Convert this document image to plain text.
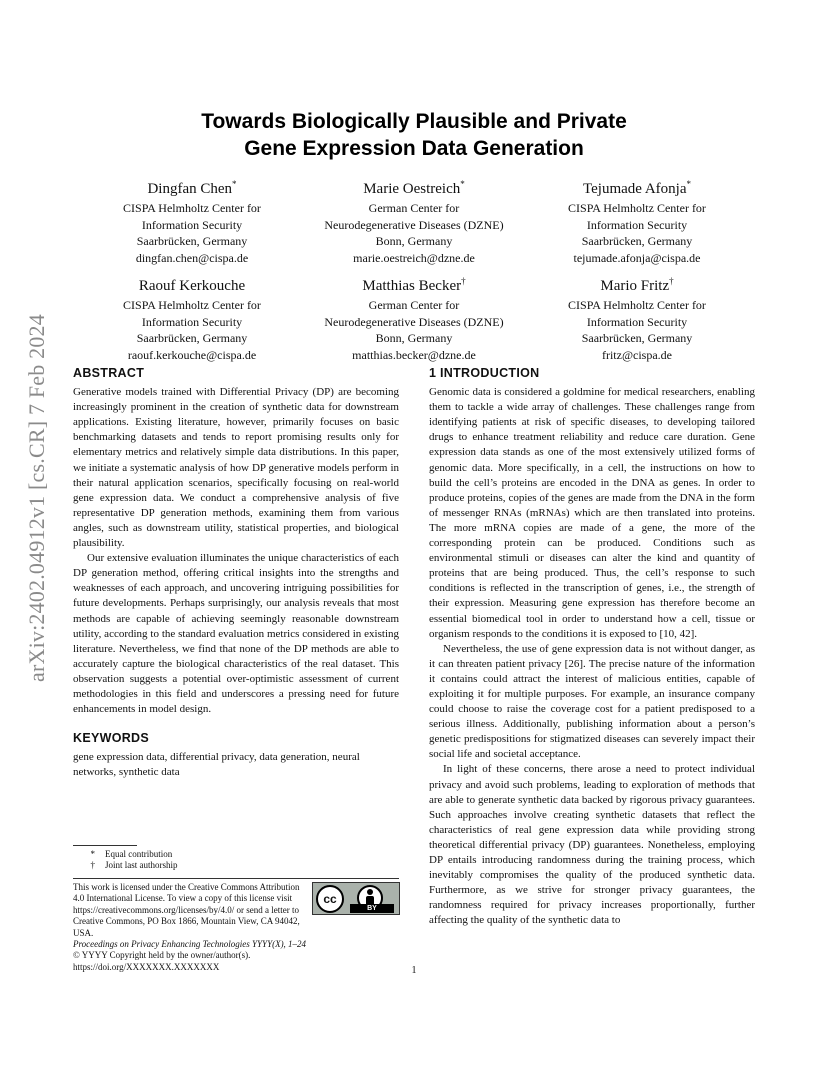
arXiv:2402.04912v1 [cs.CR] 7 Feb 2024
Towards Biologically Plausible and Private
Gene Expression Data Generation
Dingfan Chen*
CISPA Helmholtz Center for
Information Security
Saarbrücken, Germany
dingfan.chen@cispa.de
Marie Oestreich*
German Center for
Neurodegenerative Diseases (DZNE)
Bonn, Germany
marie.oestreich@dzne.de
Tejumade Afonja*
CISPA Helmholtz Center for
Information Security
Saarbrücken, Germany
tejumade.afonja@cispa.de
Raouf Kerkouche
CISPA Helmholtz Center for
Information Security
Saarbrücken, Germany
raouf.kerkouche@cispa.de
Matthias Becker†
German Center for
Neurodegenerative Diseases (DZNE)
Bonn, Germany
matthias.becker@dzne.de
Mario Fritz†
CISPA Helmholtz Center for
Information Security
Saarbrücken, Germany
fritz@cispa.de
ABSTRACT

Generative models trained with Differential Privacy (DP) are becoming increasingly prominent in the creation of synthetic data for downstream applications. Existing literature, however, primarily focuses on basic benchmarking datasets and tends to report promising results only for elementary metrics and relatively simple data distributions. In this paper, we initiate a systematic analysis of how DP generative models perform in their natural application scenarios, specifically focusing on real-world gene expression data. We conduct a comprehensive analysis of five representative DP generation methods, examining them from various angles, such as downstream utility, statistical properties, and biological plausibility.

Our extensive evaluation illuminates the unique characteristics of each DP generation method, offering critical insights into the strengths and weaknesses of each approach, and uncovering intriguing possibilities for future developments. Perhaps surprisingly, our analysis reveals that most methods are capable of achieving seemingly reasonable downstream utility, according to the standard evaluation metrics considered in existing literature. Nevertheless, we find that none of the DP methods are able to accurately capture the biological characteristics of the real dataset. This observation suggests a potential over-optimistic assessment of current methodologies in this field and underscores a pressing need for future enhancements in model design.

KEYWORDS

gene expression data, differential privacy, data generation, neural networks, synthetic data

* Equal contribution
† Joint last authorship
This work is licensed under the Creative Commons Attribution 4.0 International License. To view a copy of this license visit https://creativecommons.org/licenses/by/4.0/ or send a letter to Creative Commons, PO Box 1866, Mountain View, CA 94042, USA.
Proceedings on Privacy Enhancing Technologies YYYY(X), 1–24
© YYYY Copyright held by the owner/author(s).
https://doi.org/XXXXXXX.XXXXXXX
cc
BY
1 INTRODUCTION

Genomic data is considered a goldmine for medical researchers, enabling them to tackle a wide array of challenges. These challenges range from identifying patients at risk of specific diseases, to developing tailored drugs to enhance treatment reliability and reduce care duration. Gene expression data stands as one of the most extensively utilized forms of genomic data. More specifically, in a cell, the instructions on how to build the cell’s proteins are encoded in the DNA as genes. In order to produce proteins, copies of the genes are made from the DNA in the form of messenger RNAs (mRNAs) which are then translated into proteins. The more mRNA copies are made of a gene, the more of the corresponding protein can be produced. Conditions such as environmental stimuli or diseases can alter the kind and quantity of proteins that are being produced. Thus, the cell’s response to such conditions is reflected in the transcription of genes, i.e., the strength of their expression. Measuring gene expression has therefore become an essential biomedical tool in order to understand how a cell, tissue or organism responds to the conditions it is exposed to [10, 42].

Nevertheless, the use of gene expression data is not without danger, as it can threaten patient privacy [26]. The precise nature of the information it contains could attract the interest of malicious entities, capable of exploiting it for multiple purposes. For example, an insurance company could choose to raise the coverage cost for a patient predisposed to a serious illness. Additionally, publishing information about a person’s genetic predispositions for stigmatized diseases can severely impact their social life and societal acceptance.

In light of these concerns, there arose a need to protect individual privacy and avoid such problems, leading to exploration of methods that are able to generate synthetic data backed by rigorous privacy guarantees. Such approaches involve creating synthetic datasets that reflect the characteristics of real gene expression data while providing strong theoretical differential privacy (DP) guarantees. Nonetheless, employing DP entails introducing randomness during the training process, which inevitably compromises the quality of the produced synthetic data. Furthermore, as we strive for stronger privacy guarantees, the randomness required for privacy increases proportionally, further affecting the quality of the synthetic data to

1
